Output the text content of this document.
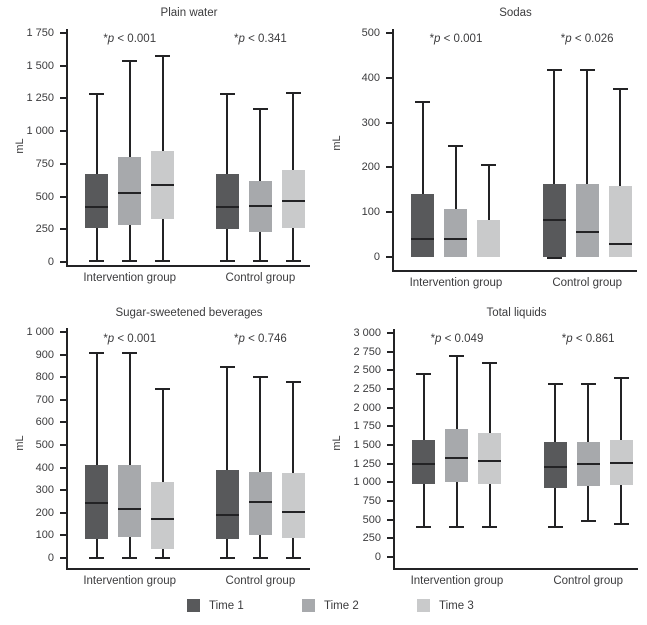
Plain water
*p < 0.001	*p < 0.341
mL
Intervention group	Control group
0
250
500
750
1 000
1 250
1 500
1 750
Sodas
*p < 0.001	*p < 0.026
mL
Intervention group	Control group
0
100
200
300
400
500
Sugar-sweetened beverages
*p < 0.001	*p < 0.746
mL
Intervention group	Control group
0
100
200
300
400
500
600
700
800
900
1 000
Total liquids
*p < 0.049	*p < 0.861
mL
Intervention group	Control group
0
250
500
750
1 000
1 250
1 500
1 750
2 000
2 250
2 500
2 750
3 000
Time 1	Time 2	Time 3
